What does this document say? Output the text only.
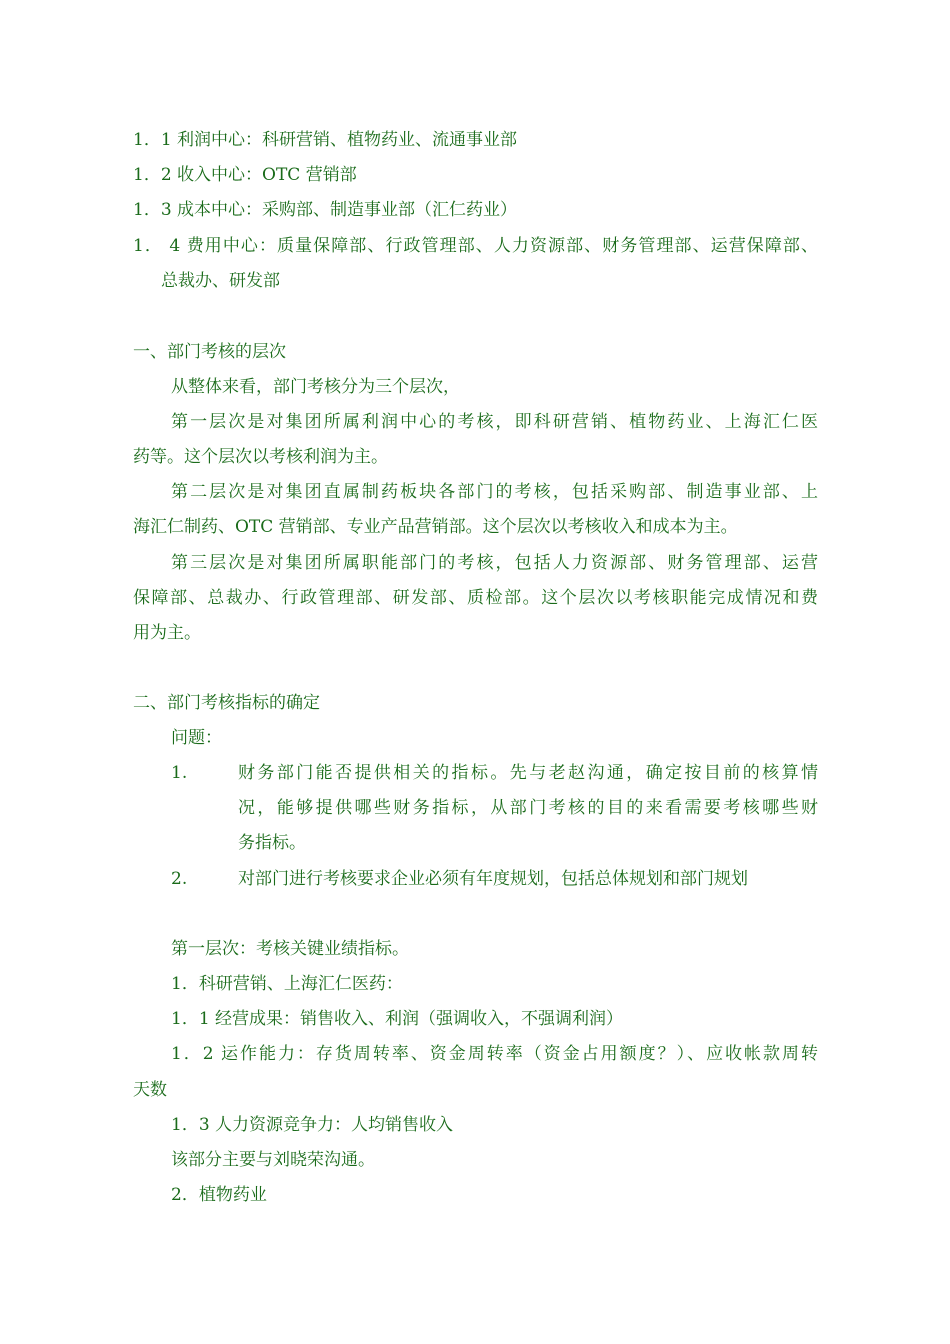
1．1 利润中心：科研营销、植物药业、流通事业部
1．2 收入中心：OTC 营销部
1．3 成本中心：采购部、制造事业部（汇仁药业）
1． 4 费用中心：质量保障部、行政管理部、人力资源部、财务管理部、运营保障部、
总裁办、研发部
一、部门考核的层次
从整体来看，部门考核分为三个层次，
第一层次是对集团所属利润中心的考核，即科研营销、植物药业、上海汇仁医
药等。这个层次以考核利润为主。
第二层次是对集团直属制药板块各部门的考核，包括采购部、制造事业部、上
海汇仁制药、OTC 营销部、专业产品营销部。这个层次以考核收入和成本为主。
第三层次是对集团所属职能部门的考核，包括人力资源部、财务管理部、运营
保障部、总裁办、行政管理部、研发部、质检部。这个层次以考核职能完成情况和费
用为主。
二、部门考核指标的确定
问题：
1.	财务部门能否提供相关的指标。先与老赵沟通，确定按目前的核算情
况，能够提供哪些财务指标，从部门考核的目的来看需要考核哪些财
务指标。
2.	对部门进行考核要求企业必须有年度规划，包括总体规划和部门规划
第一层次：考核关键业绩指标。
1．科研营销、上海汇仁医药：
1．1 经营成果：销售收入、利润（强调收入，不强调利润）
1．2 运作能力：存货周转率、资金周转率（资金占用额度？）、应收帐款周转
天数
1．3 人力资源竞争力：人均销售收入
该部分主要与刘晓荣沟通。
2．植物药业
